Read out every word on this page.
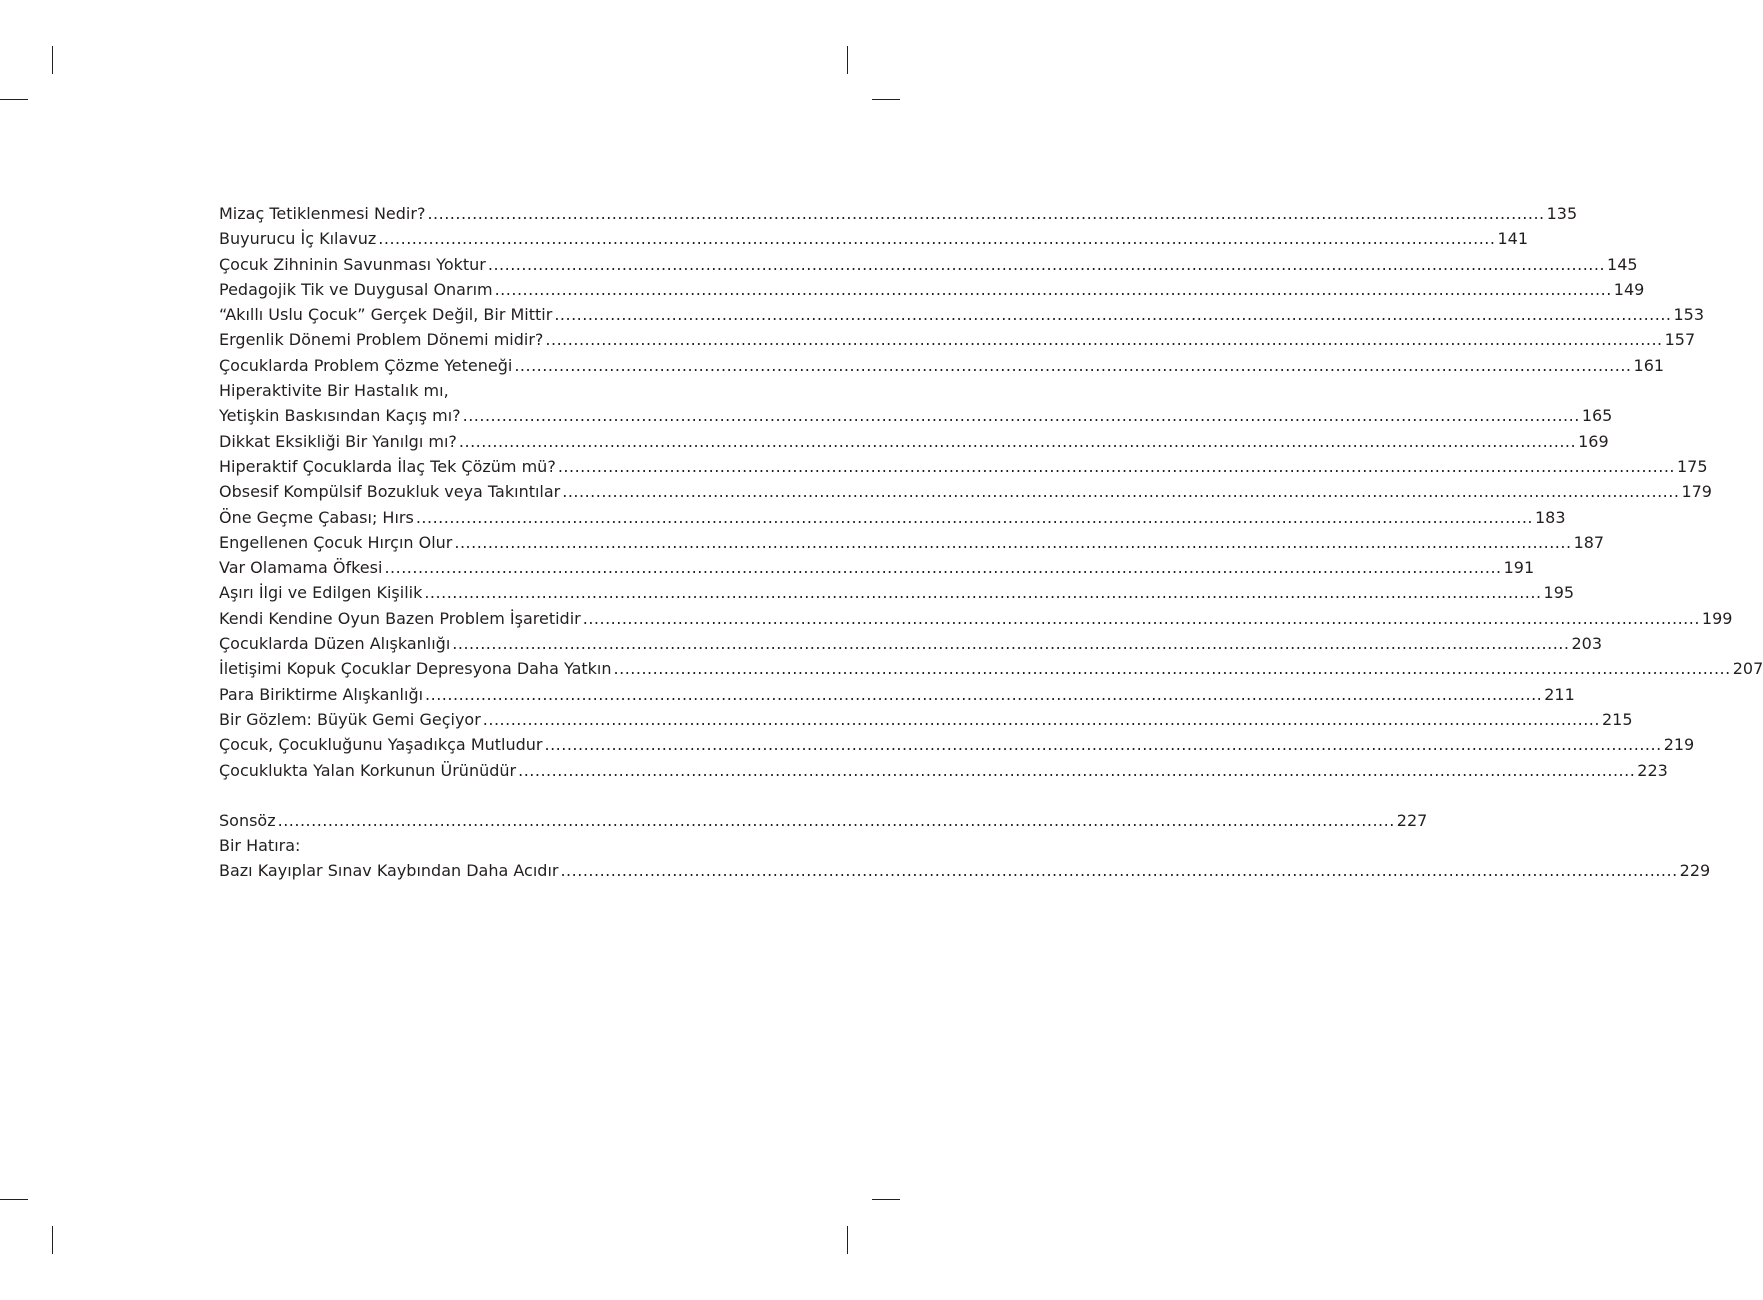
Mizaç Tetiklenmesi Nedir? ........................................................................................................................................................................................................ 135
Buyurucu İç Kılavuz ........................................................................................................................................................................................................ 141
Çocuk Zihninin Savunması Yoktur ........................................................................................................................................................................................................ 145
Pedagojik Tik ve Duygusal Onarım ........................................................................................................................................................................................................ 149
“Akıllı Uslu Çocuk” Gerçek Değil, Bir Mittir ........................................................................................................................................................................................................ 153
Ergenlik Dönemi Problem Dönemi midir? ........................................................................................................................................................................................................ 157
Çocuklarda Problem Çözme Yeteneği ........................................................................................................................................................................................................ 161
Hiperaktivite Bir Hastalık mı,
Yetişkin Baskısından Kaçış mı? ........................................................................................................................................................................................................ 165
Dikkat Eksikliği Bir Yanılgı mı? ........................................................................................................................................................................................................ 169
Hiperaktif Çocuklarda İlaç Tek Çözüm mü? ........................................................................................................................................................................................................ 175
Obsesif Kompülsif Bozukluk veya Takıntılar ........................................................................................................................................................................................................ 179
Öne Geçme Çabası; Hırs ........................................................................................................................................................................................................ 183
Engellenen Çocuk Hırçın Olur ........................................................................................................................................................................................................ 187
Var Olamama Öfkesi ........................................................................................................................................................................................................ 191
Aşırı İlgi ve Edilgen Kişilik ........................................................................................................................................................................................................ 195
Kendi Kendine Oyun Bazen Problem İşaretidir ........................................................................................................................................................................................................ 199
Çocuklarda Düzen Alışkanlığı ........................................................................................................................................................................................................ 203
İletişimi Kopuk Çocuklar Depresyona Daha Yatkın ........................................................................................................................................................................................................ 207
Para Biriktirme Alışkanlığı ........................................................................................................................................................................................................ 211
Bir Gözlem: Büyük Gemi Geçiyor ........................................................................................................................................................................................................ 215
Çocuk, Çocukluğunu Yaşadıkça Mutludur ........................................................................................................................................................................................................ 219
Çocuklukta Yalan Korkunun Ürünüdür ........................................................................................................................................................................................................ 223
Sonsöz ........................................................................................................................................................................................................ 227
Bir Hatıra:
Bazı Kayıplar Sınav Kaybından Daha Acıdır ........................................................................................................................................................................................................ 229
